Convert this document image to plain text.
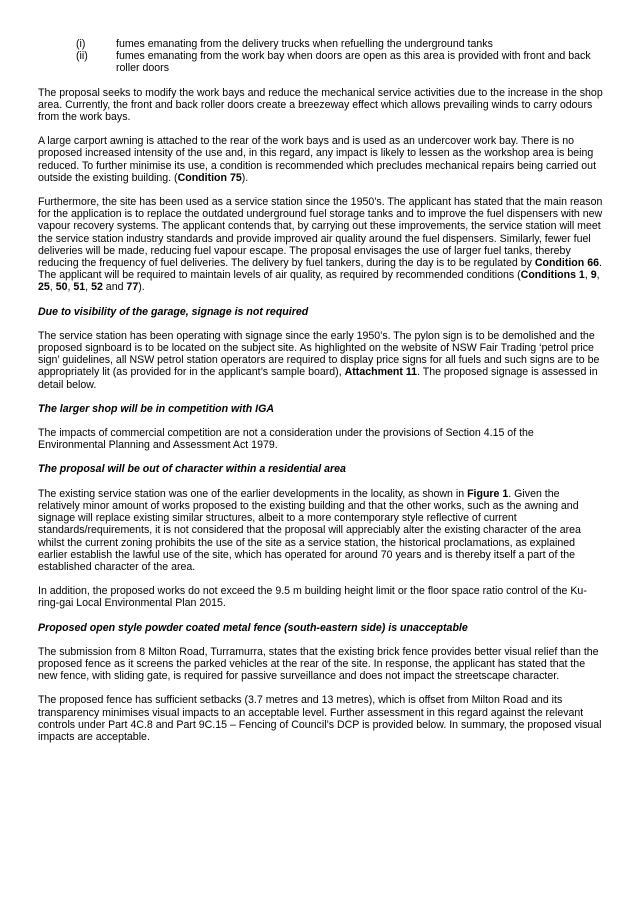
(i)	fumes emanating from the delivery trucks when refuelling the underground tanks
(ii)	fumes emanating from the work bay when doors are open as this area is provided with front and back roller doors

The proposal seeks to modify the work bays and reduce the mechanical service activities due to the increase in the shop area. Currently, the front and back roller doors create a breezeway effect which allows prevailing winds to carry odours from the work bays.

A large carport awning is attached to the rear of the work bays and is used as an undercover work bay. There is no proposed increased intensity of the use and, in this regard, any impact is likely to lessen as the workshop area is being reduced. To further minimise its use, a condition is recommended which precludes mechanical repairs being carried out outside the existing building. (Condition 75).

Furthermore, the site has been used as a service station since the 1950’s. The applicant has stated that the main reason for the application is to replace the outdated underground fuel storage tanks and to improve the fuel dispensers with new vapour recovery systems. The applicant contends that, by carrying out these improvements, the service station will meet the service station industry standards and provide improved air quality around the fuel dispensers. Similarly, fewer fuel deliveries will be made, reducing fuel vapour escape. The proposal envisages the use of larger fuel tanks, thereby reducing the frequency of fuel deliveries. The delivery by fuel tankers, during the day is to be regulated by Condition 66. The applicant will be required to maintain levels of air quality, as required by recommended conditions (Conditions 1, 9, 25, 50, 51, 52 and 77).

Due to visibility of the garage, signage is not required

The service station has been operating with signage since the early 1950’s. The pylon sign is to be demolished and the proposed signboard is to be located on the subject site. As highlighted on the website of NSW Fair Trading ‘petrol price sign’ guidelines, all NSW petrol station operators are required to display price signs for all fuels and such signs are to be appropriately lit (as provided for in the applicant’s sample board), Attachment 11. The proposed signage is assessed in detail below.

The larger shop will be in competition with IGA

The impacts of commercial competition are not a consideration under the provisions of Section 4.15 of the Environmental Planning and Assessment Act 1979.

The proposal will be out of character within a residential area

The existing service station was one of the earlier developments in the locality, as shown in Figure 1. Given the relatively minor amount of works proposed to the existing building and that the other works, such as the awning and signage will replace existing similar structures, albeit to a more contemporary style reflective of current standards/requirements, it is not considered that the proposal will appreciably alter the existing character of the area whilst the current zoning prohibits the use of the site as a service station, the historical proclamations, as explained earlier establish the lawful use of the site, which has operated for around 70 years and is thereby itself a part of the established character of the area.

In addition, the proposed works do not exceed the 9.5 m building height limit or the floor space ratio control of the Ku-ring-gai Local Environmental Plan 2015.

Proposed open style powder coated metal fence (south-eastern side) is unacceptable

The submission from 8 Milton Road, Turramurra, states that the existing brick fence provides better visual relief than the proposed fence as it screens the parked vehicles at the rear of the site. In response, the applicant has stated that the new fence, with sliding gate, is required for passive surveillance and does not impact the streetscape character.

The proposed fence has sufficient setbacks (3.7 metres and 13 metres), which is offset from Milton Road and its transparency minimises visual impacts to an acceptable level. Further assessment in this regard against the relevant controls under Part 4C.8 and Part 9C.15 – Fencing of Council’s DCP is provided below. In summary, the proposed visual impacts are acceptable.
